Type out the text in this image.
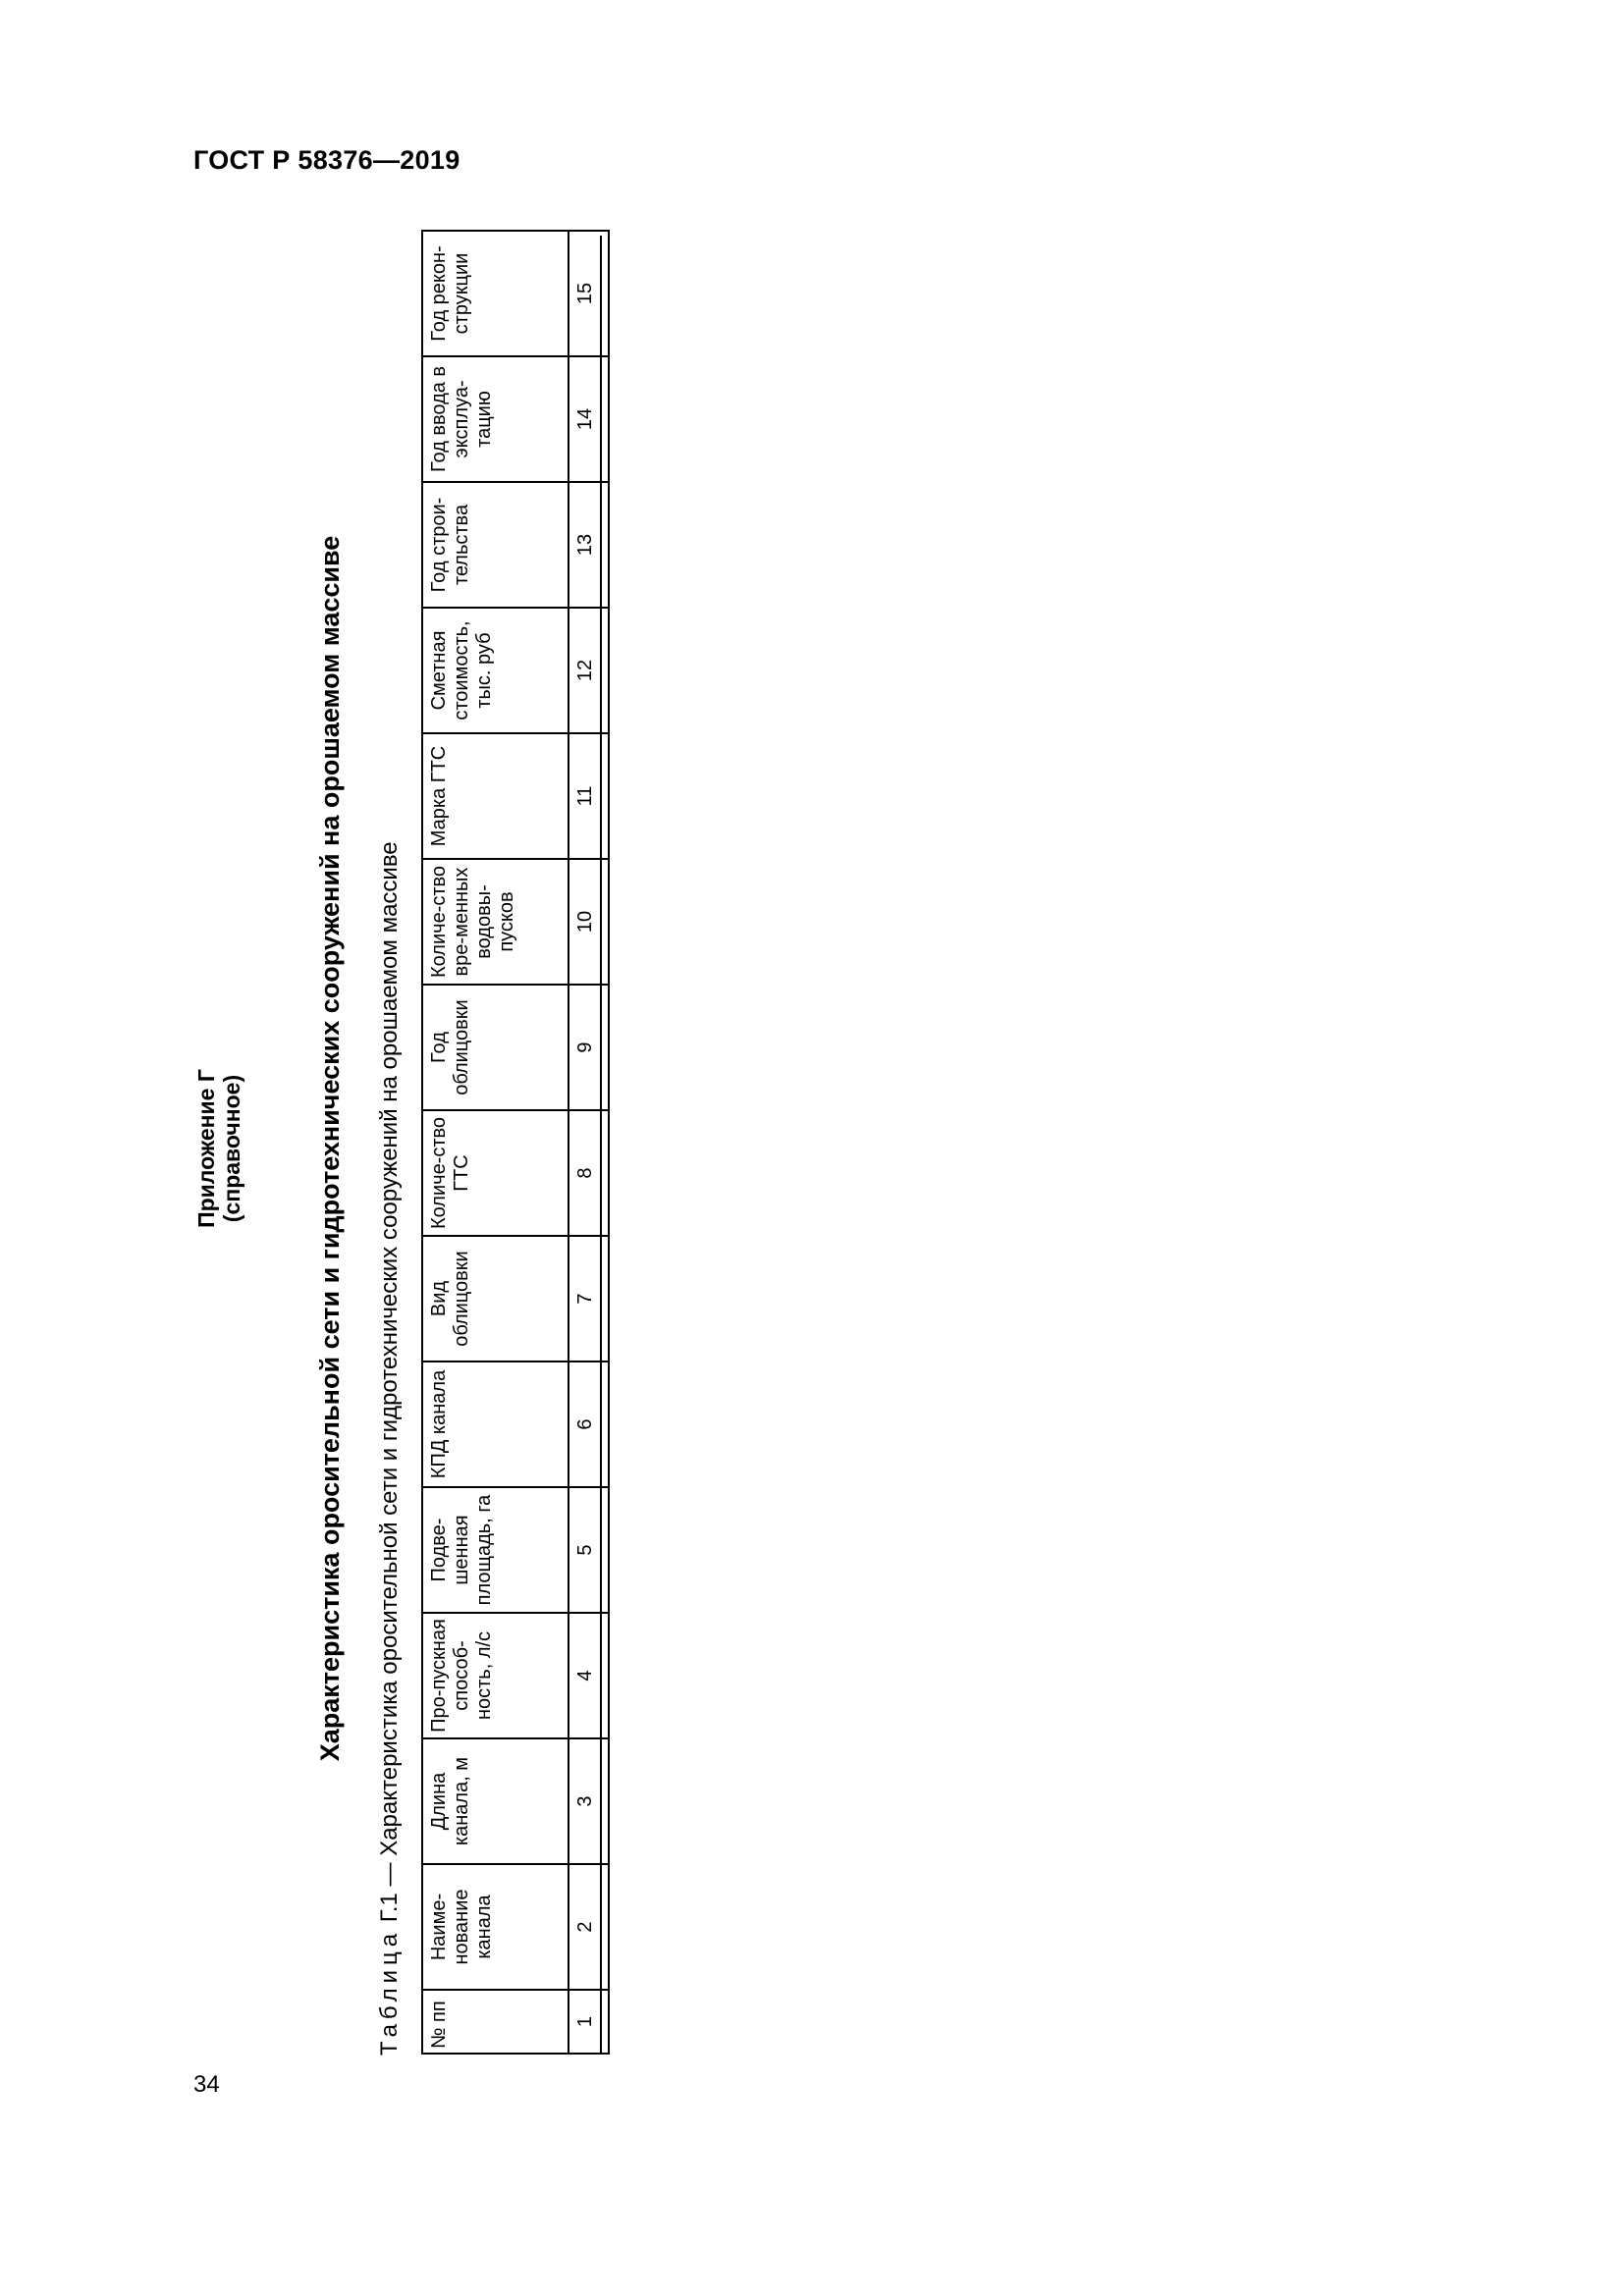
ГОСТ Р 58376—2019
Приложение Г (справочное)	Характеристика оросительной сети и гидротехнических сооружений на орошаемом массиве
Таблица Г.1 — Характеристика оросительной сети и гидротехнических сооружений на орошаемом массиве
№ пп	Наиме-нование канала	Длина канала, м	Про-пускная способ-ность, л/с	Подве-шенная площадь, га	КПД канала	Вид облицовки	Количе-ство ГТС	Год облицовки	Количе-ство вре-менных водовы-пусков	Марка ГТС	Сметная стоимость, тыс. руб	Год строи-тельства	Год ввода в эксплуа-тацию	Год рекон-струкции
1	2	3	4	5	6	7	8	9	10	11	12	13	14	15
34
